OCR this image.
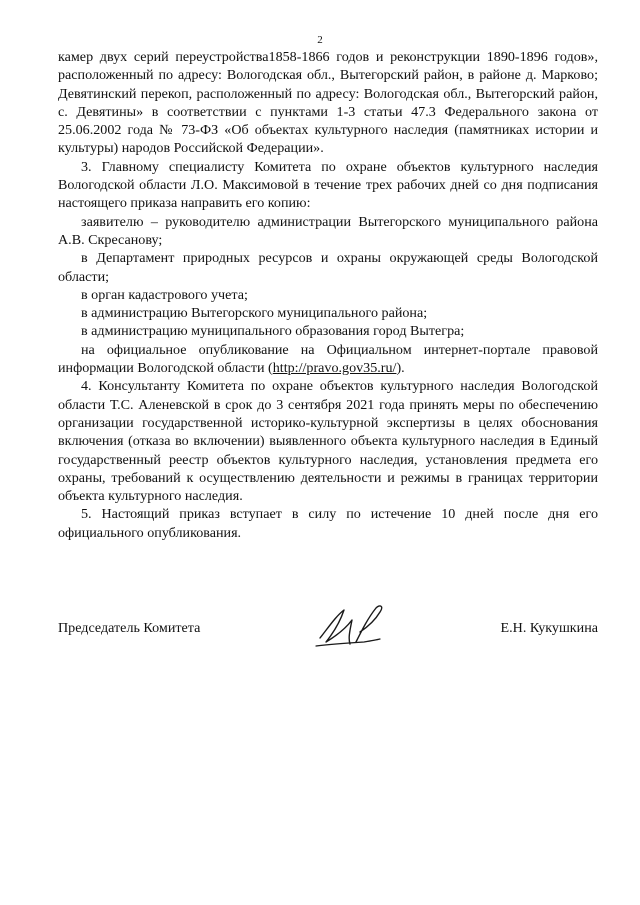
2

камер двух серий переустройства1858-1866 годов и реконструкции 1890-1896 годов», расположенный по адресу: Вологодская обл., Вытегорский район, в районе д. Марково; Девятинский перекоп, расположенный по адресу: Вологодская обл., Вытегорский район, с. Девятины» в соответствии с пунктами 1-3 статьи 47.3 Федерального закона от 25.06.2002 года № 73-ФЗ «Об объектах культурного наследия (памятниках истории и культуры) народов Российской Федерации».

3. Главному специалисту Комитета по охране объектов культурного наследия Вологодской области Л.О. Максимовой в течение трех рабочих дней со дня подписания настоящего приказа направить его копию:

заявителю – руководителю администрации Вытегорского муниципального района А.В. Скресанову;

в Департамент природных ресурсов и охраны окружающей среды Вологодской области;

в орган кадастрового учета;

в администрацию Вытегорского муниципального района;

в администрацию муниципального образования город Вытегра;

на официальное опубликование на Официальном интернет-портале правовой информации Вологодской области (http://pravo.gov35.ru/).

4. Консультанту Комитета по охране объектов культурного наследия Вологодской области Т.С. Аленевской в срок до 3 сентября 2021 года принять меры по обеспечению организации государственной историко-культурной экспертизы в целях обоснования включения (отказа во включении) выявленного объекта культурного наследия в Единый государственный реестр объектов культурного наследия, установления предмета его охраны, требований к осуществлению деятельности и режимы в границах территории объекта культурного наследия.

5. Настоящий приказ вступает в силу по истечение 10 дней после дня его официального опубликования.

Председатель Комитета	Е.Н. Кукушкина
